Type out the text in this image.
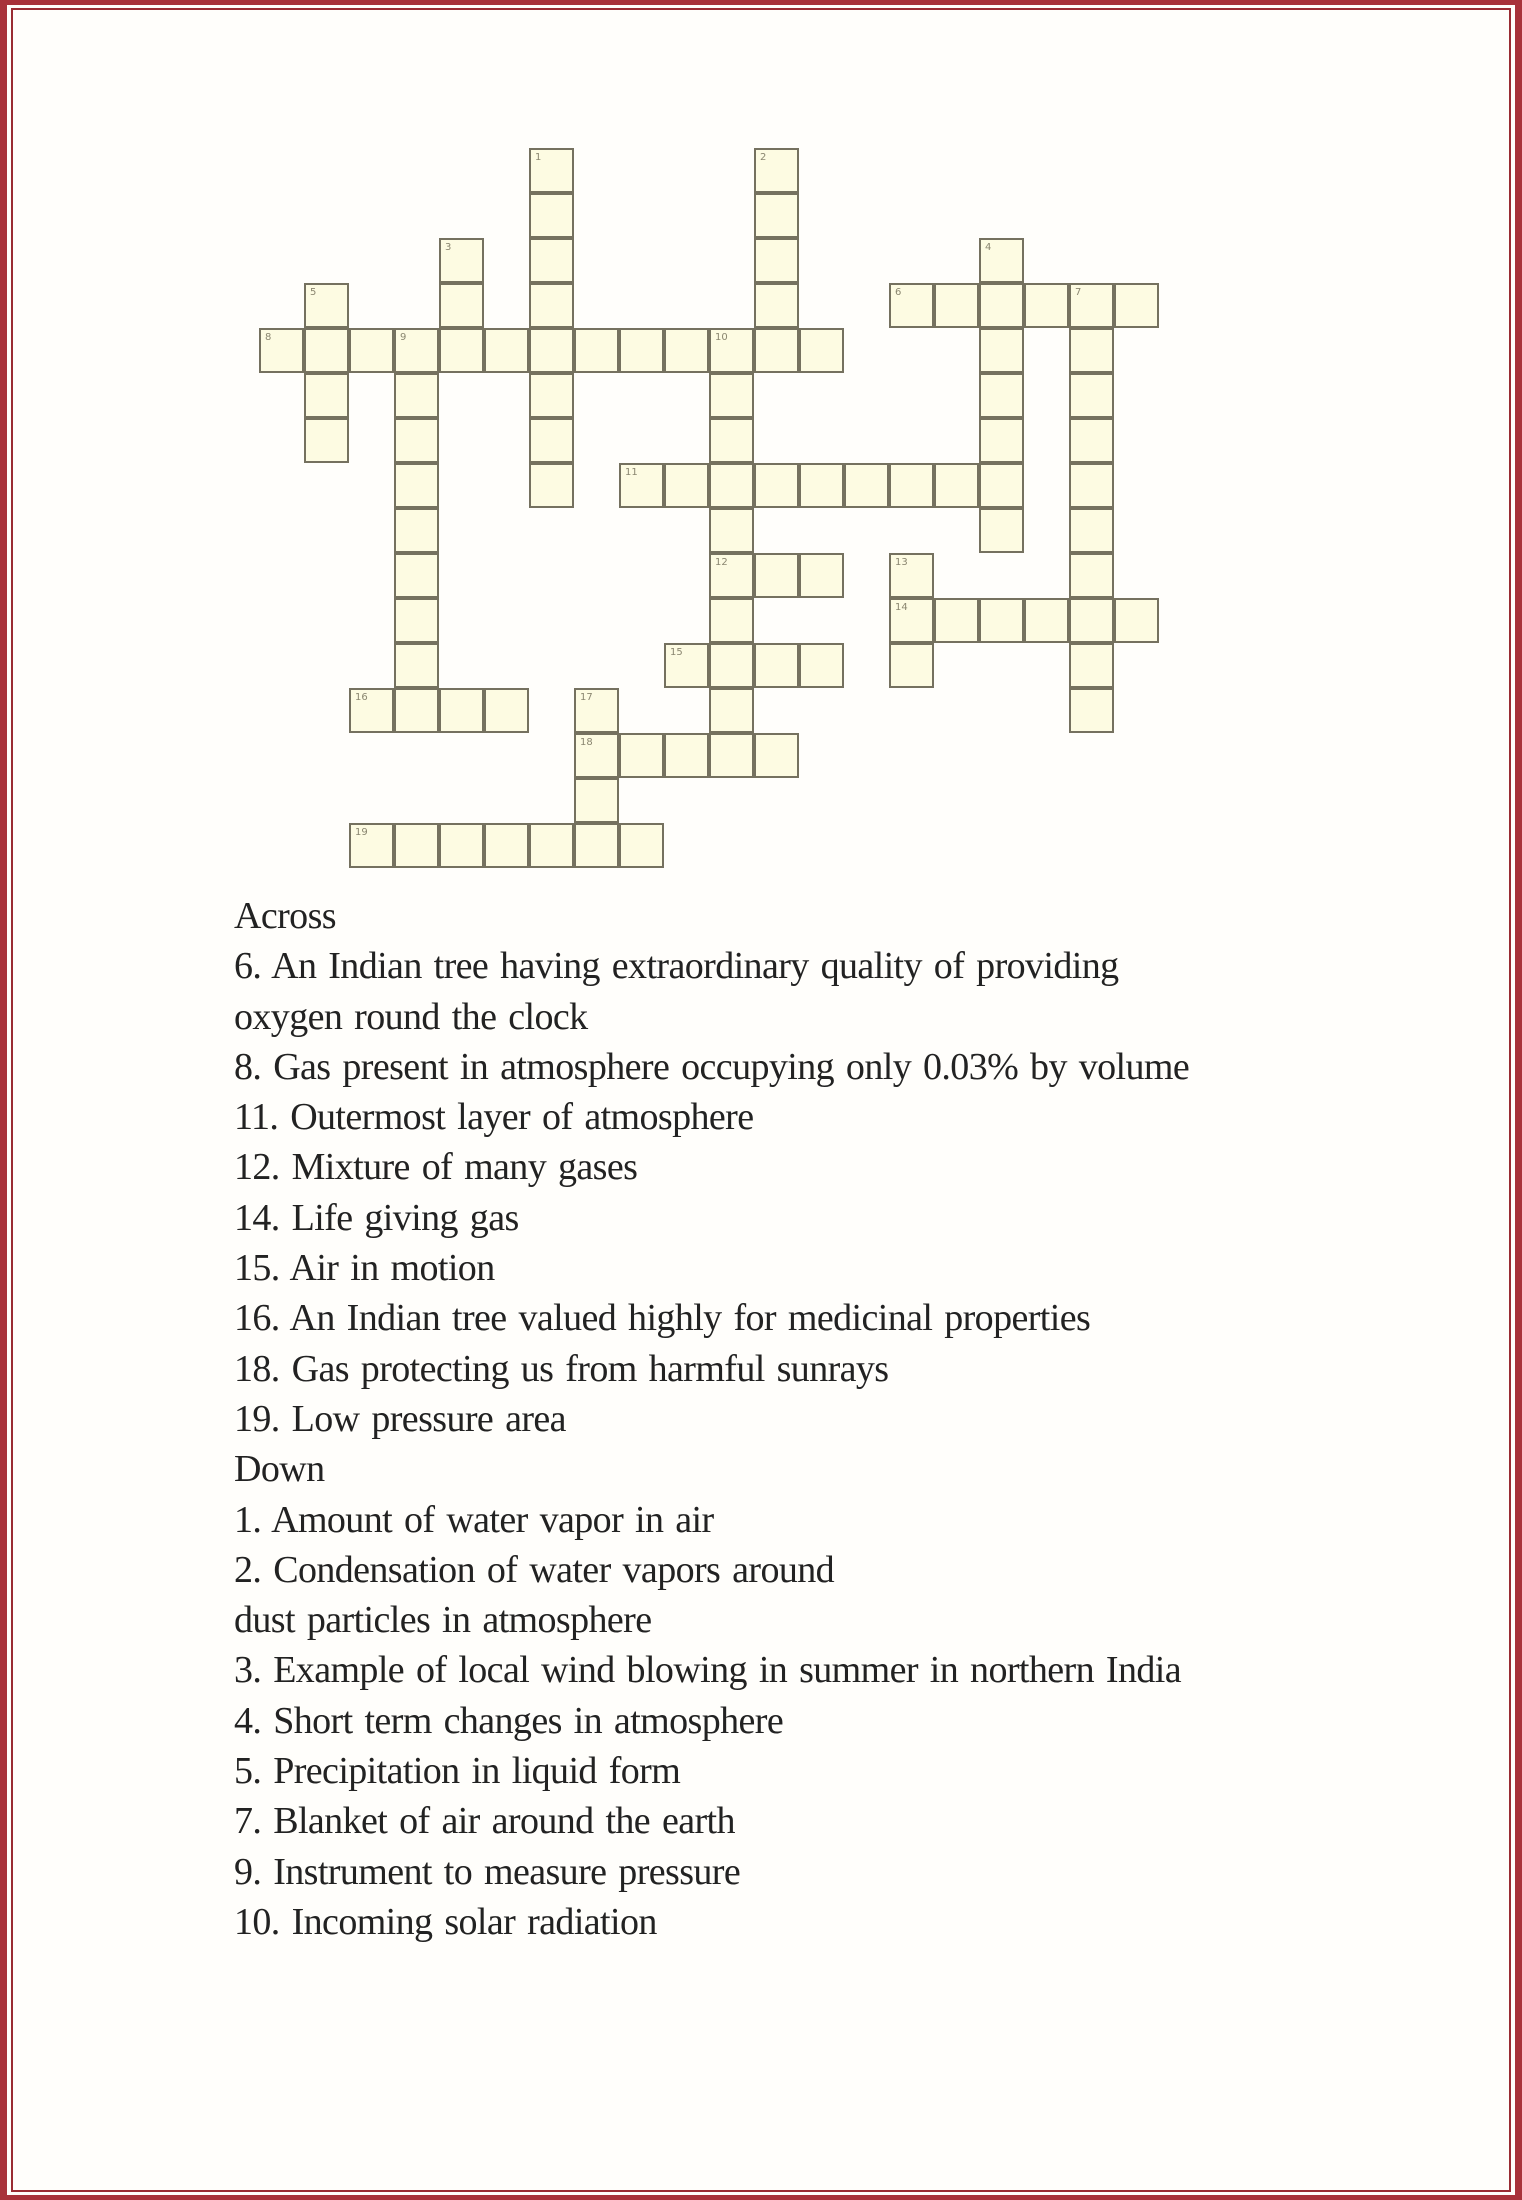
1	2
3	4
5	6	7
8	9	10
12
11
13
14
15
16	17
18
19
Across
6. An Indian tree having extraordinary quality of providing
oxygen round the clock
8. Gas present in atmosphere occupying only 0.03% by volume
11. Outermost layer of atmosphere
12. Mixture of many gases
14. Life giving gas
15. Air in motion
16. An Indian tree valued highly for medicinal properties
18. Gas protecting us from harmful sunrays
19. Low pressure area
Down
1. Amount of water vapor in air
2. Condensation of water vapors around
dust particles in atmosphere
3. Example of local wind blowing in summer in northern India
4. Short term changes in atmosphere
5. Precipitation in liquid form
7. Blanket of air around the earth
9. Instrument to measure pressure
10. Incoming solar radiation
